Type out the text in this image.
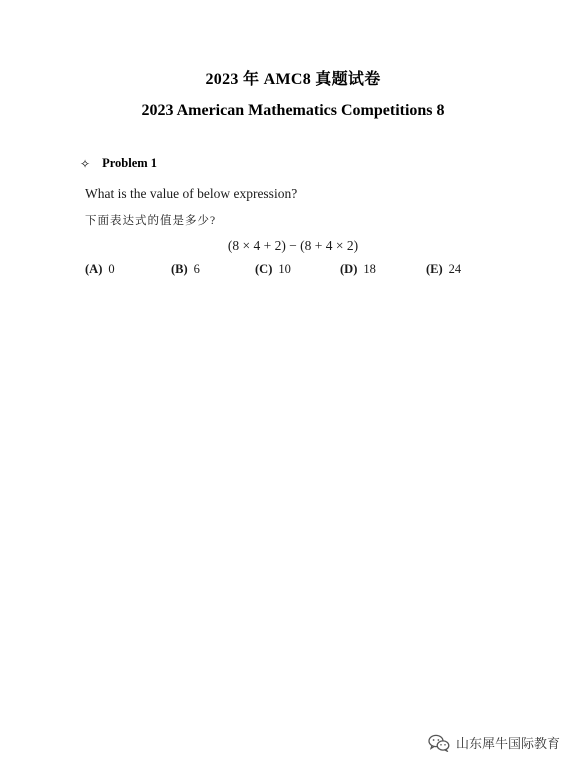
2023 年 AMC8 真题试卷
2023 American Mathematics Competitions 8
✧ Problem 1
What is the value of below expression?
下面表达式的值是多少?
(8 × 4 + 2) − (8 + 4 × 2)
(A) 0	(B) 6	(C) 10	(D) 18	(E) 24
山东犀牛国际教育
